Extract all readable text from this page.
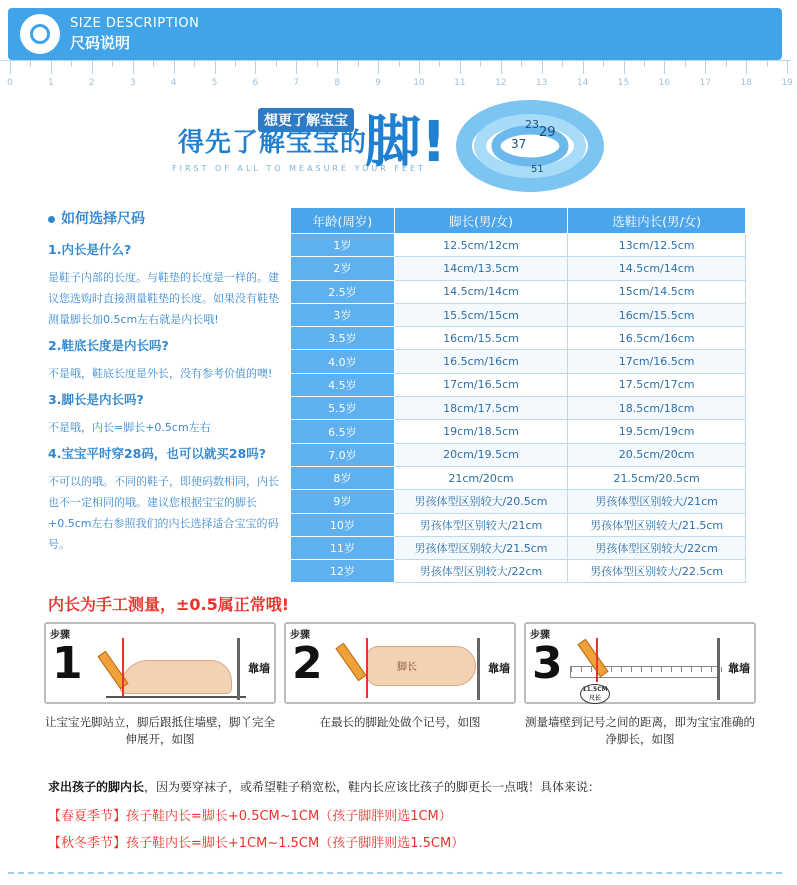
SIZE DESCRIPTION
尺码说明
0	1	2	3	4	5	6	7	8	9	10	11	12	13	14	15	16	17	18	19
想更了解宝宝
得先了解宝宝的
脚!
FIRST OF ALL TO MEASURE YOUR FEET
23
29
37
51
如何选择尺码
1.内长是什么?
是鞋子内部的长度。与鞋垫的长度是一样的。建议您选购时直接测量鞋垫的长度。如果没有鞋垫测量脚长加0.5cm左右就是内长哦!
2.鞋底长度是内长吗?
不是哦，鞋底长度是外长，没有参考价值的噢!
3.脚长是内长吗?
不是哦，内长=脚长+0.5cm左右
4.宝宝平时穿28码，也可以就买28吗?
不可以的哦。不同的鞋子，即使码数相同，内长也不一定相同的哦。建议您根据宝宝的脚长+0.5cm左右参照我们的内长选择适合宝宝的码号。
年龄(周岁)	脚长(男/女)	选鞋内长(男/女)
1岁	12.5cm/12cm	13cm/12.5cm
2岁	14cm/13.5cm	14.5cm/14cm
2.5岁	14.5cm/14cm	15cm/14.5cm
3岁	15.5cm/15cm	16cm/15.5cm
3.5岁	16cm/15.5cm	16.5cm/16cm
4.0岁	16.5cm/16cm	17cm/16.5cm
4.5岁	17cm/16.5cm	17.5cm/17cm
5.5岁	18cm/17.5cm	18.5cm/18cm
6.5岁	19cm/18.5cm	19.5cm/19cm
7.0岁	20cm/19.5cm	20.5cm/20cm
8岁	21cm/20cm	21.5cm/20.5cm
9岁	男孩体型区别较大/20.5cm	男孩体型区别较大/21cm
10岁	男孩体型区别较大/21cm	男孩体型区别较大/21.5cm
11岁	男孩体型区别较大/21.5cm	男孩体型区别较大/22cm
12岁	男孩体型区别较大/22cm	男孩体型区别较大/22.5cm
内长为手工测量，±0.5属正常哦!
步骤
1	靠墙
让宝宝光脚站立，脚后跟抵住墙壁，脚丫完全伸展开，如图
步骤
2	脚长	靠墙
在最长的脚趾处做个记号，如图
步骤
3
11.5CM 尺长
靠墙
测量墙壁到记号之间的距离，即为宝宝准确的净脚长，如图
求出孩子的脚内长，因为要穿袜子，或希望鞋子稍宽松，鞋内长应该比孩子的脚更长一点哦！具体来说：
【春夏季节】孩子鞋内长=脚长+0.5CM~1CM（孩子脚胖则选1CM）
【秋冬季节】孩子鞋内长=脚长+1CM~1.5CM（孩子脚胖则选1.5CM）
